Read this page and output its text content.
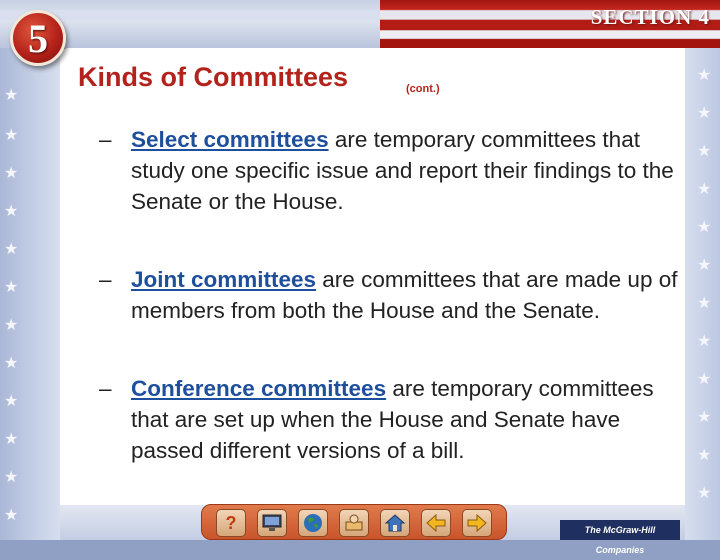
SECTION 4
★
★
★
★
★
★
★
★
★
★
★
★
★
★
★
★
★
★
★
★
★
★
★
★
5
Kinds of Committees	(cont.)
– Select committees are temporary committees that study one specific issue and report their findings to the Senate or the House.
– Joint committees are committees that are made up of members from both the House and the Senate.
– Conference committees are temporary committees that are set up when the House and Senate have passed different versions of a bill.
?	The McGraw-Hill Companies
